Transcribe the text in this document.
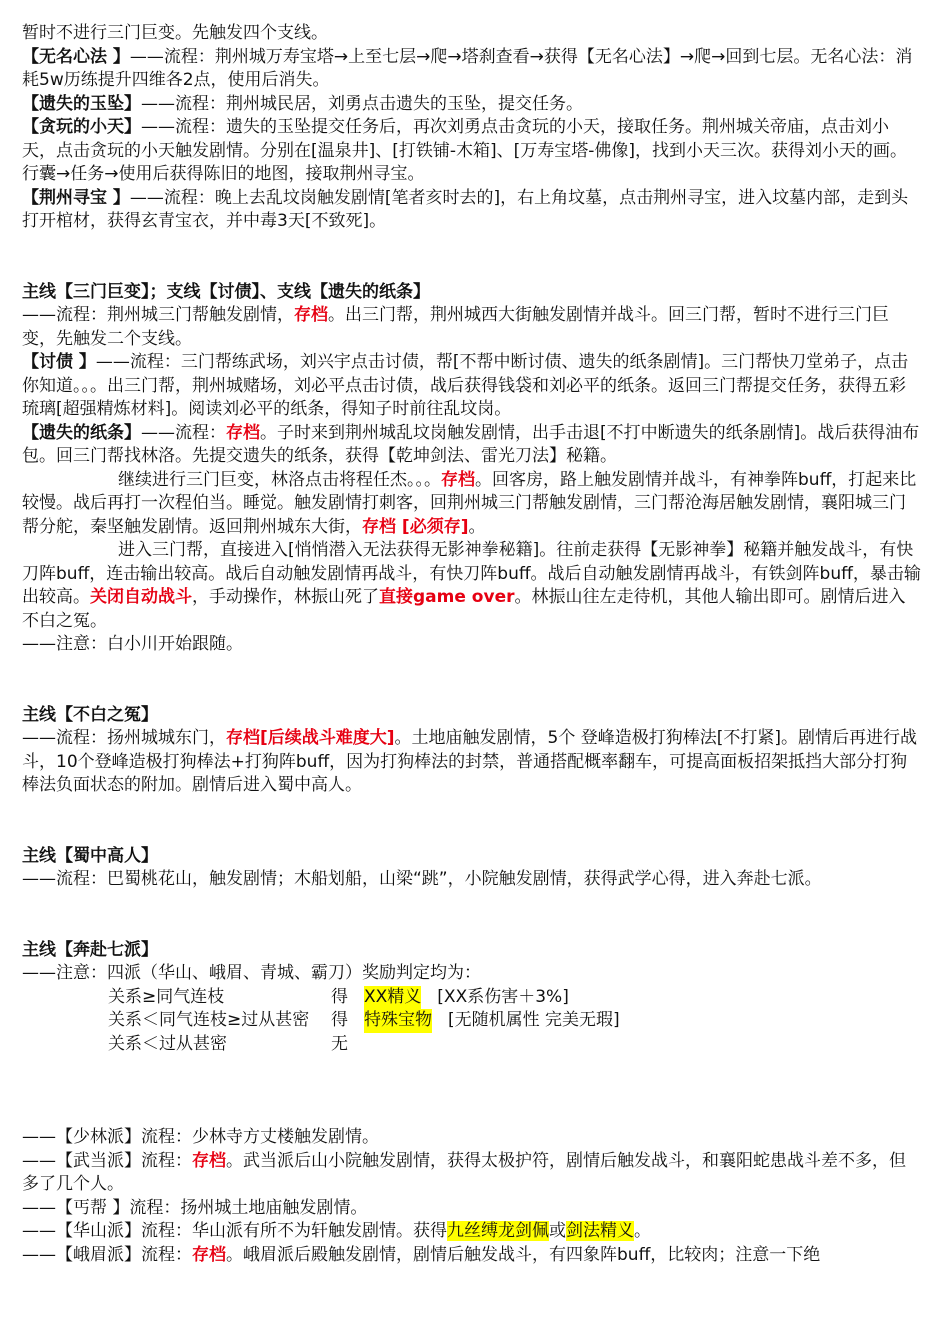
暂时不进行三门巨变。先触发四个支线。

【无名心法 】——流程：荆州城万寿宝塔→上至七层→爬→塔刹查看→获得【无名心法】→爬→回到七层。无名心法：消耗5w历练提升四维各2点，使用后消失。

【遗失的玉坠】——流程：荆州城民居，刘勇点击遗失的玉坠，提交任务。

【贪玩的小天】——流程：遗失的玉坠提交任务后，再次刘勇点击贪玩的小天，接取任务。荆州城关帝庙，点击刘小天，点击贪玩的小天触发剧情。分别在[温泉井]、[打铁铺-木箱]、[万寿宝塔-佛像]，找到小天三次。获得刘小天的画。行囊→任务→使用后获得陈旧的地图，接取荆州寻宝。

【荆州寻宝 】——流程：晚上去乱坟岗触发剧情[笔者亥时去的]，右上角坟墓，点击荆州寻宝，进入坟墓内部，走到头打开棺材，获得玄青宝衣，并中毒3天[不致死]。

主线【三门巨变】；支线【讨债】、支线【遗失的纸条】

——流程：荆州城三门帮触发剧情，存档。出三门帮，荆州城西大街触发剧情并战斗。回三门帮，暂时不进行三门巨变，先触发二个支线。

【讨债 】——流程：三门帮练武场，刘兴宇点击讨债，帮[不帮中断讨债、遗失的纸条剧情]。三门帮快刀堂弟子，点击你知道。。。出三门帮，荆州城赌场，刘必平点击讨债，战后获得钱袋和刘必平的纸条。返回三门帮提交任务，获得五彩琉璃[超强精炼材料]。阅读刘必平的纸条，得知子时前往乱坟岗。

【遗失的纸条】——流程：存档。子时来到荆州城乱坟岗触发剧情，出手击退[不打中断遗失的纸条剧情]。战后获得油布包。回三门帮找林洛。先提交遗失的纸条，获得【乾坤剑法、雷光刀法】秘籍。

继续进行三门巨变，林洛点击将程任杰。。。存档。回客房，路上触发剧情并战斗，有神拳阵buff，打起来比较慢。战后再打一次程伯当。睡觉。触发剧情打刺客，回荆州城三门帮触发剧情，三门帮沧海居触发剧情，襄阳城三门帮分舵，秦坚触发剧情。返回荆州城东大街，存档 [必须存]。

进入三门帮，直接进入[悄悄潜入无法获得无影神拳秘籍]。往前走获得【无影神拳】秘籍并触发战斗，有快刀阵buff，连击输出较高。战后自动触发剧情再战斗，有快刀阵buff。战后自动触发剧情再战斗，有铁剑阵buff，暴击输出较高。关闭自动战斗，手动操作，林振山死了直接game over。林振山往左走待机，其他人输出即可。剧情后进入不白之冤。

——注意：白小川开始跟随。

主线【不白之冤】

——流程：扬州城城东门，存档[后续战斗难度大]。土地庙触发剧情，5个 登峰造极打狗棒法[不打紧]。剧情后再进行战斗，10个登峰造极打狗棒法+打狗阵buff，因为打狗棒法的封禁，普通搭配概率翻车，可提高面板招架抵挡大部分打狗棒法负面状态的附加。剧情后进入蜀中高人。

主线【蜀中高人】

——流程：巴蜀桃花山，触发剧情；木船划船，山梁“跳”，小院触发剧情，获得武学心得，进入奔赴七派。

主线【奔赴七派】

——注意：四派（华山、峨眉、青城、霸刀）奖励判定均为：

关系≥同气连枝	得 XX精义 [XX系伤害＋3%]
关系＜同气连枝≥过从甚密	得 特殊宝物 [无随机属性 完美无瑕]
关系＜过从甚密	无

——【少林派】流程：少林寺方丈楼触发剧情。

——【武当派】流程：存档。武当派后山小院触发剧情，获得太极护符，剧情后触发战斗，和襄阳蛇患战斗差不多，但多了几个人。

——【丐帮 】流程：扬州城土地庙触发剧情。

——【华山派】流程：华山派有所不为轩触发剧情。获得九丝缚龙剑佩或剑法精义。

——【峨眉派】流程：存档。峨眉派后殿触发剧情，剧情后触发战斗，有四象阵buff，比较肉；注意一下绝
